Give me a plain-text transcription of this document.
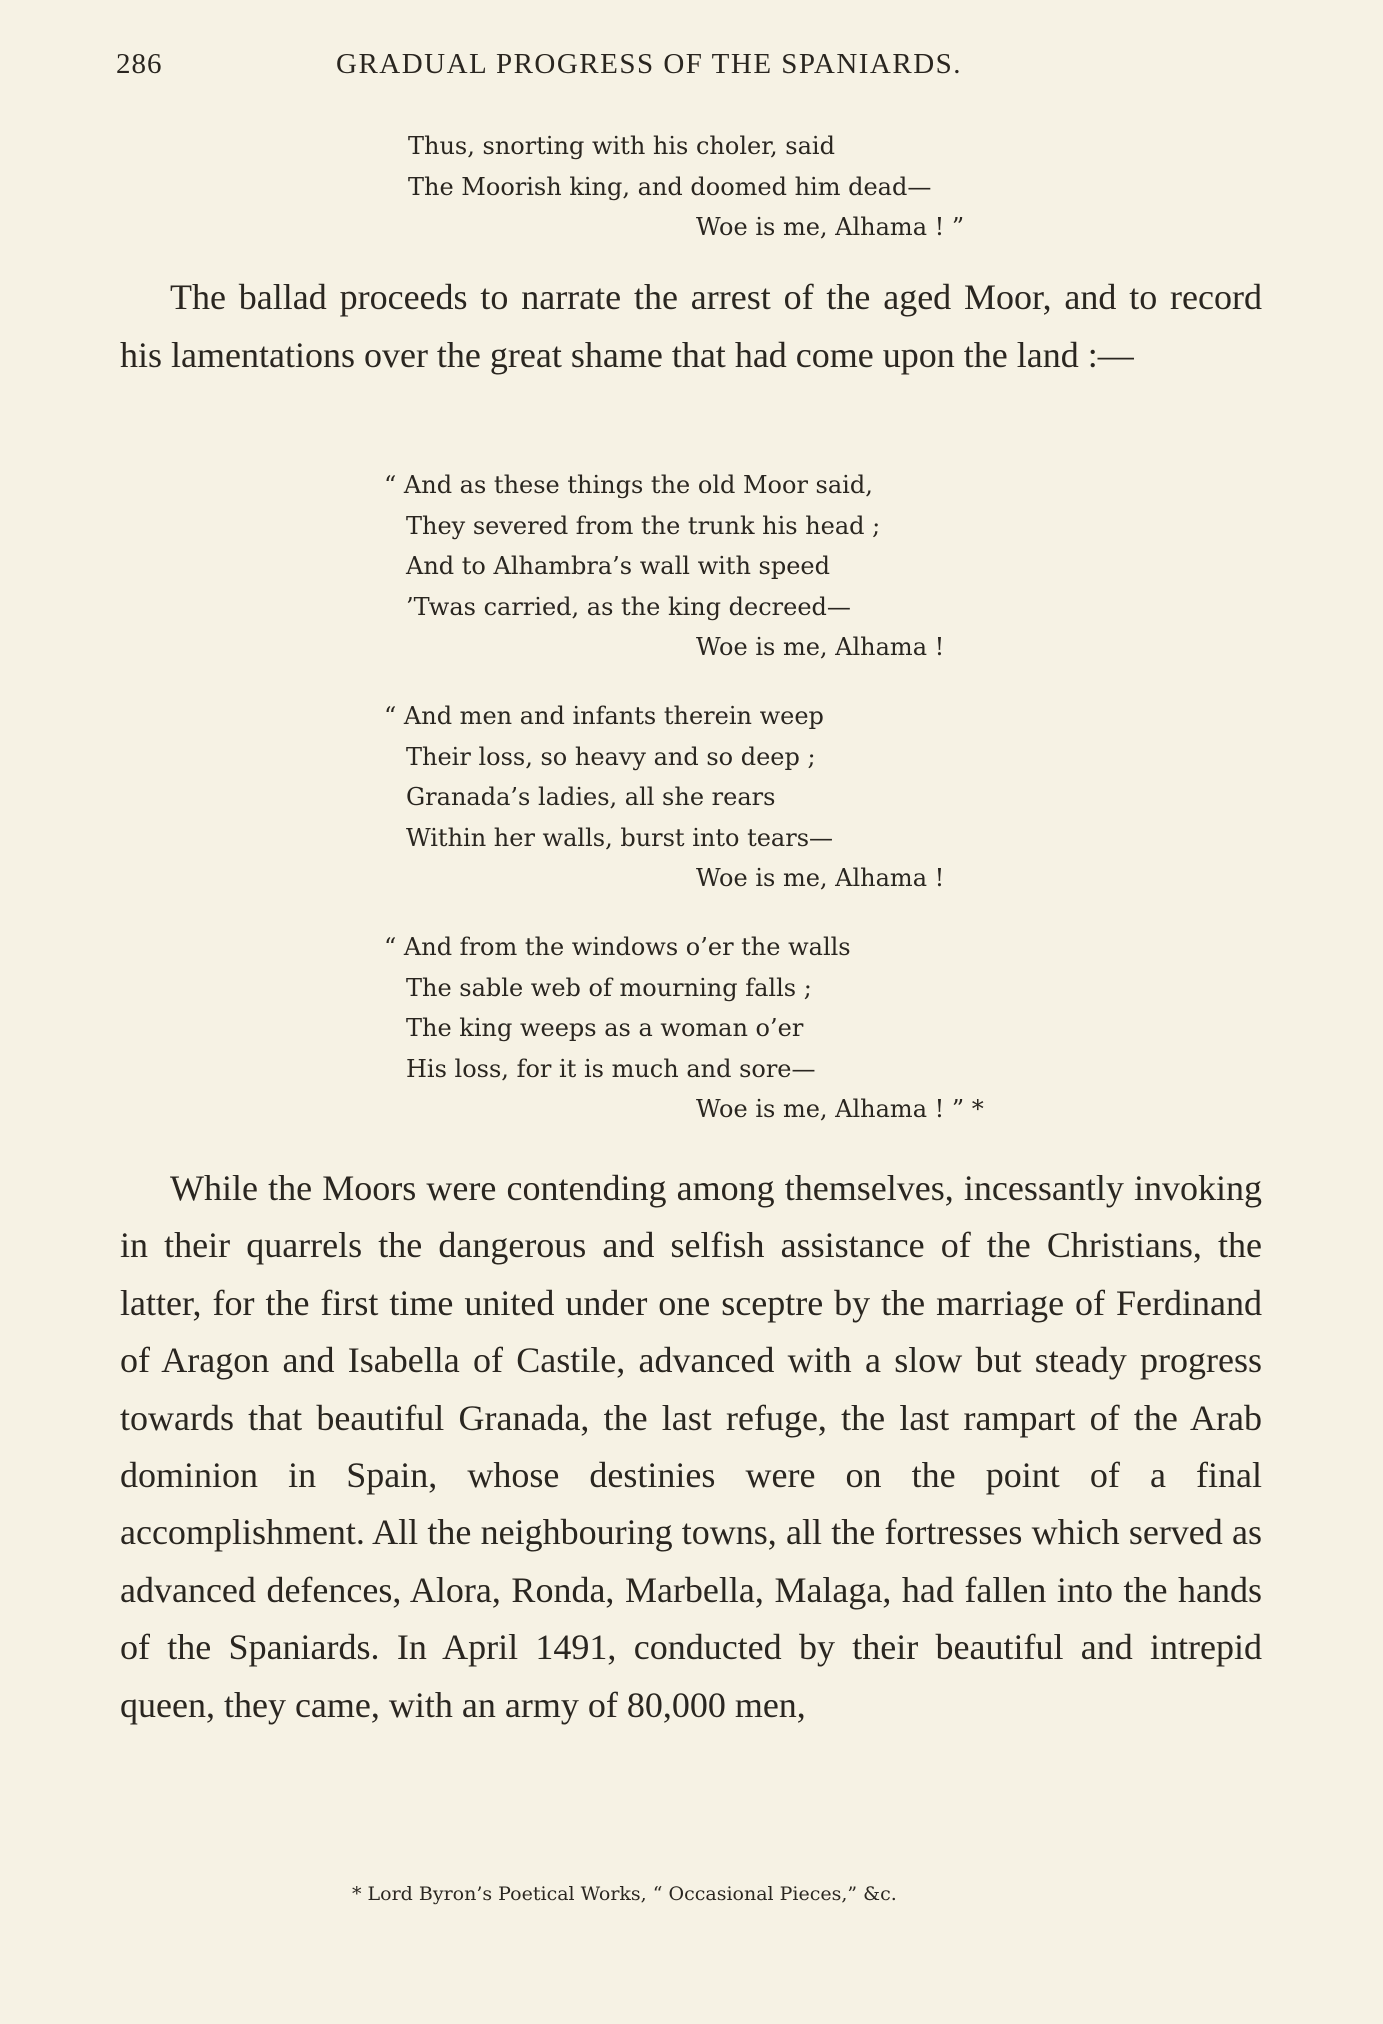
286	GRADUAL PROGRESS OF THE SPANIARDS.
Thus, snorting with his choler, said
The Moorish king, and doomed him dead—
Woe is me, Alhama ! ”

The ballad proceeds to narrate the arrest of the aged Moor, and to record his lamentations over the great shame that had come upon the land :—

“ And as these things the old Moor said,
They severed from the trunk his head ;
And to Alhambra’s wall with speed
’Twas carried, as the king decreed—
Woe is me, Alhama !
“ And men and infants therein weep
Their loss, so heavy and so deep ;
Granada’s ladies, all she rears
Within her walls, burst into tears—
Woe is me, Alhama !
“ And from the windows o’er the walls
The sable web of mourning falls ;
The king weeps as a woman o’er
His loss, for it is much and sore—
Woe is me, Alhama ! ” *

While the Moors were contending among themselves, incessantly invoking in their quarrels the dangerous and selfish assistance of the Christians, the latter, for the first time united under one sceptre by the marriage of Ferdinand of Aragon and Isabella of Castile, advanced with a slow but steady progress towards that beautiful Granada, the last refuge, the last rampart of the Arab dominion in Spain, whose destinies were on the point of a final accomplishment. All the neighbouring towns, all the fortresses which served as advanced defences, Alora, Ronda, Marbella, Malaga, had fallen into the hands of the Spaniards. In April 1491, conducted by their beautiful and intrepid queen, they came, with an army of 80,000 men,

* Lord Byron’s Poetical Works, “ Occasional Pieces,” &c.
